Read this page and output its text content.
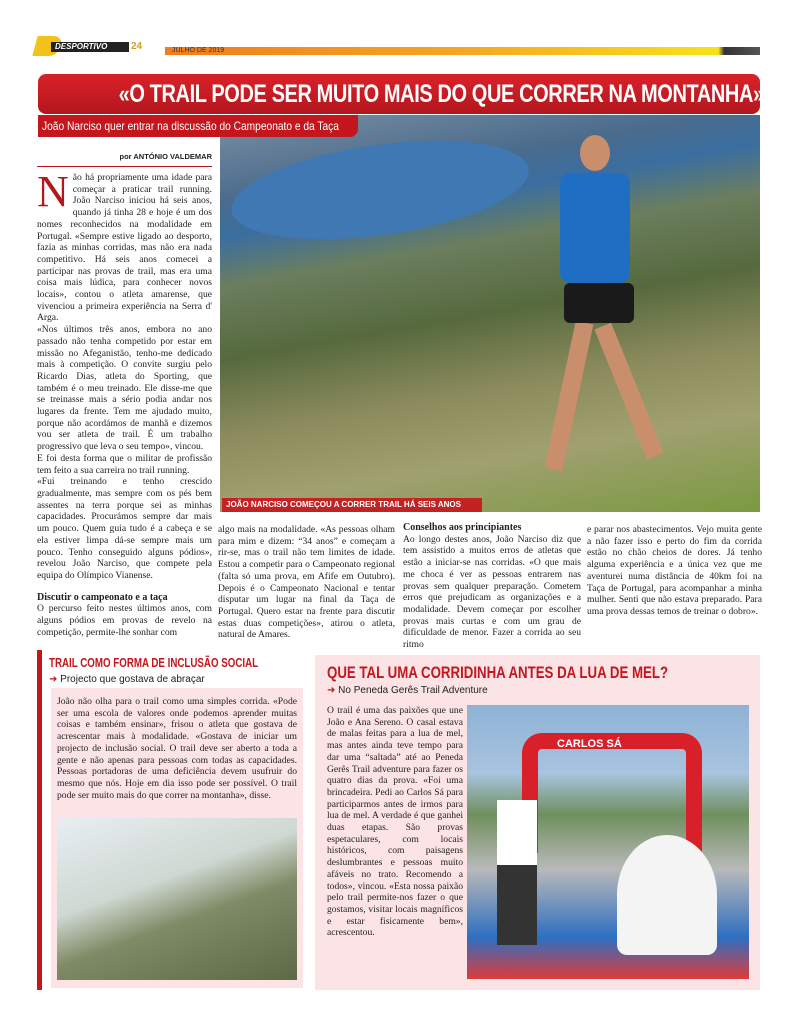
DESPORTIVO	24	JULHO DE 2019
«O TRAIL PODE SER MUITO MAIS DO QUE CORRER NA MONTANHA»
João Narciso quer entrar na discussão do Campeonato e da Taça
JOÃO NARCISO COMEÇOU A CORRER TRAIL HÁ SEIS ANOS
por ANTÓNIO VALDEMAR

Não há propriamente uma idade para começar a praticar trail running. João Narciso iniciou há seis anos, quando já tinha 28 e hoje é um dos nomes reconhecidos na modalidade em Portugal. «Sempre estive ligado ao desporto, fazia as minhas corridas, mas não era nada competitivo. Há seis anos comecei a participar nas provas de trail, mas era uma coisa mais lúdica, para conhecer novos locais», contou o atleta amarense, que vivenciou a primeira experiência na Serra d' Arga.

«Nos últimos três anos, embora no ano passado não tenha competido por estar em missão no Afeganistão, tenho-me dedicado mais à competição. O convite surgiu pelo Ricardo Dias, atleta do Sporting, que também é o meu treinado. Ele disse-me que se treinasse mais a sério podia andar nos lugares da frente. Tem me ajudado muito, porque não acordámos de manhã e dizemos vou ser atleta de trail. É um trabalho progressivo que leva o seu tempo», vincou.

E foi desta forma que o militar de profissão tem feito a sua carreira no trail running.

«Fui treinando e tenho crescido gradualmente, mas sempre com os pés bem assentes na terra porque sei as minhas capacidades. Procurámos sempre dar mais um pouco. Quem guia tudo é a cabeça e se ela estiver limpa dá-se sempre mais um pouco. Tenho conseguido alguns pódios», revelou João Narciso, que compete pela equipa do Olímpico Vianense.

Discutir o campeonato e a taça

O percurso feito nestes últimos anos, com alguns pódios em provas de revelo na competição, permite-lhe sonhar com

algo mais na modalidade. «As pessoas olham para mim e dizem: “34 anos” e começam a rir-se, mas o trail não tem limites de idade. Estou a competir para o Campeonato regional (falta só uma prova, em Afife em Outubro). Depois é o Campeonato Nacional e tentar disputar um lugar na final da Taça de Portugal. Quero estar na frente para discutir estas duas competições», atirou o atleta, natural de Amares.

Conselhos aos principiantes

Ao longo destes anos, João Narciso diz que tem assistido a muitos erros de atletas que estão a iniciar-se nas corridas. «O que mais me choca é ver as pessoas entrarem nas provas sem qualquer preparação. Cometem erros que prejudicam as organizações e a modalidade. Devem começar por escolher provas mais curtas e com um grau de dificuldade de menor. Fazer a corrida ao seu ritmo

e parar nos abastecimentos. Vejo muita gente a não fazer isso e perto do fim da corrida estão no chão cheios de dores. Já tenho alguma experiência e a única vez que me aventurei numa distância de 40km foi na Taça de Portugal, para acompanhar a minha mulher. Senti que não estava preparado. Para uma prova dessas temos de treinar o dobro».

TRAIL COMO FORMA DE INCLUSÃO SOCIAL
➜ Projecto que gostava de abraçar

João não olha para o trail como uma simples corrida. «Pode ser uma escola de valores onde podemos aprender muitas coisas e também ensinar», frisou o atleta que gostava de acrescentar mais à modalidade. «Gostava de iniciar um projecto de inclusão social. O trail deve ser aberto a toda a gente e não apenas para pessoas com todas as capacidades. Pessoas portadoras de uma deficiência devem usufruir do mesmo que nós. Hoje em dia isso pode ser possível. O trail pode ser muito mais do que correr na montanha», disse.

QUE TAL UMA CORRIDINHA ANTES DA LUA DE MEL?
➜ No Peneda Gerês Trail Adventure

O trail é uma das paixões que une João e Ana Sereno. O casal estava de malas feitas para a lua de mel, mas antes ainda teve tempo para dar uma “saltada” até ao Peneda Gerês Trail adventure para fazer os quatro dias da prova. «Foi uma brincadeira. Pedi ao Carlos Sá para participarmos antes de irmos para lua de mel. A verdade é que ganhei duas etapas. São provas espetaculares, com locais históricos, com paisagens deslumbrantes e pessoas muito afáveis no trato. Recomendo a todos», vincou. «Esta nossa paixão pelo trail permite-nos fazer o que gostamos, visitar locais magníficos e estar fisicamente bem», acrescentou.

CARLOS SÁ
